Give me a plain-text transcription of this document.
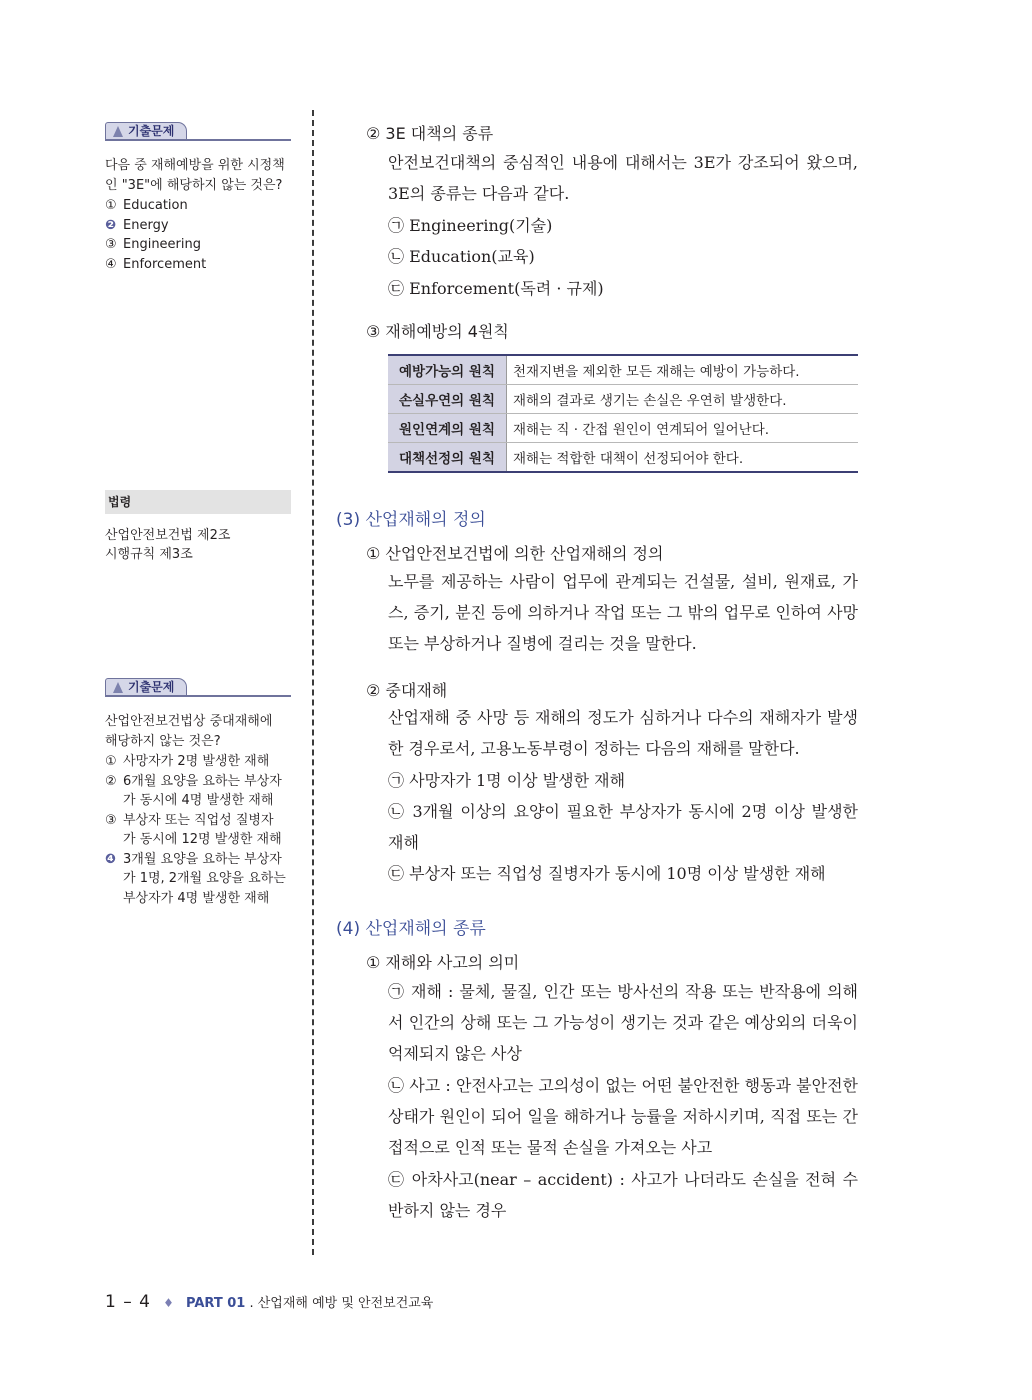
기출문제
다음 중 재해예방을 위한 시정책
인 "3E"에 해당하지 않는 것은?
① Education
❷ Energy
③ Engineering
④ Enforcement
법령
산업안전보건법 제2조
시행규칙 제3조
기출문제
산업안전보건법상 중대재해에
해당하지 않는 것은?
① 사망자가 2명 발생한 재해
② 6개월 요양을 요하는 부상자
가 동시에 4명 발생한 재해
③ 부상자 또는 직업성 질병자
가 동시에 12명 발생한 재해
❹ 3개월 요양을 요하는 부상자
가 1명, 2개월 요양을 요하는
부상자가 4명 발생한 재해
② 3E 대책의 종류
안전보건대책의 중심적인 내용에 대해서는 3E가 강조되어 왔으며, 3E의 종류는 다음과 같다.
㉠ Engineering(기술)
㉡ Education(교육)
㉢ Enforcement(독려 · 규제)
③ 재해예방의 4원칙
예방가능의 원칙	천재지변을 제외한 모든 재해는 예방이 가능하다.
손실우연의 원칙	재해의 결과로 생기는 손실은 우연히 발생한다.
원인연계의 원칙	재해는 직 · 간접 원인이 연계되어 일어난다.
대책선정의 원칙	재해는 적합한 대책이 선정되어야 한다.
(3) 산업재해의 정의
① 산업안전보건법에 의한 산업재해의 정의
노무를 제공하는 사람이 업무에 관계되는 건설물, 설비, 원재료, 가스, 증기, 분진 등에 의하거나 작업 또는 그 밖의 업무로 인하여 사망 또는 부상하거나 질병에 걸리는 것을 말한다.
② 중대재해
산업재해 중 사망 등 재해의 정도가 심하거나 다수의 재해자가 발생한 경우로서, 고용노동부령이 정하는 다음의 재해를 말한다.
㉠ 사망자가 1명 이상 발생한 재해
㉡ 3개월 이상의 요양이 필요한 부상자가 동시에 2명 이상 발생한 재해
㉢ 부상자 또는 직업성 질병자가 동시에 10명 이상 발생한 재해
(4) 산업재해의 종류
① 재해와 사고의 의미
㉠ 재해 : 물체, 물질, 인간 또는 방사선의 작용 또는 반작용에 의해서 인간의 상해 또는 그 가능성이 생기는 것과 같은 예상외의 더욱이 억제되지 않은 사상
㉡ 사고 : 안전사고는 고의성이 없는 어떤 불안전한 행동과 불안전한 상태가 원인이 되어 일을 해하거나 능률을 저하시키며, 직접 또는 간접적으로 인적 또는 물적 손실을 가져오는 사고
㉢ 아차사고(near – accident) : 사고가 나더라도 손실을 전혀 수반하지 않는 경우
1 – 4 ♦ PART 01 . 산업재해 예방 및 안전보건교육
